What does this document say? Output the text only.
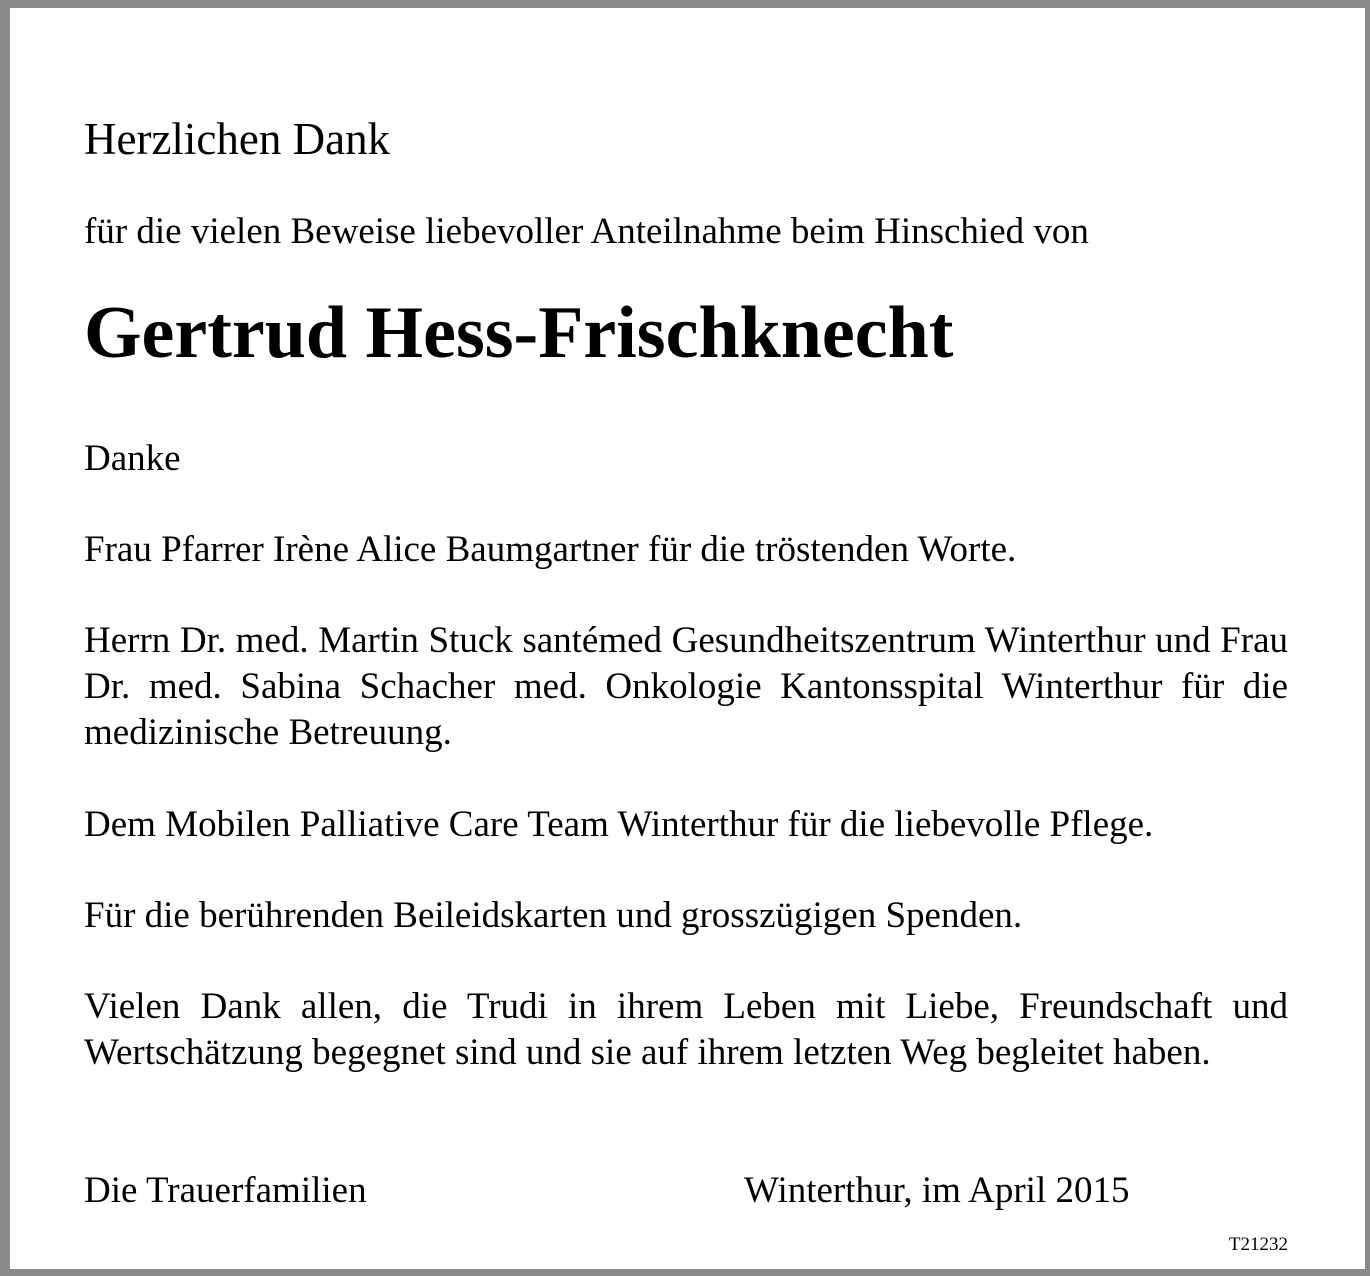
Herzlichen Dank

für die vielen Beweise liebevoller Anteilnahme beim Hinschied von

Gertrud Hess-Frischknecht

Danke

Frau Pfarrer Irène Alice Baumgartner für die tröstenden Worte.

Herrn Dr. med. Martin Stuck santémed Gesundheitszentrum Winterthur und Frau Dr. med. Sabina Schacher med. Onkologie Kantonsspital Winterthur für die medizinische Betreuung.

Dem Mobilen Palliative Care Team Winterthur für die liebevolle Pflege.

Für die berührenden Beileidskarten und grosszügigen Spenden.

Vielen Dank allen, die Trudi in ihrem Leben mit Liebe, Freundschaft und Wertschätzung begegnet sind und sie auf ihrem letzten Weg begleitet haben.

Die Trauerfamilien	Winterthur, im April 2015

T21232
